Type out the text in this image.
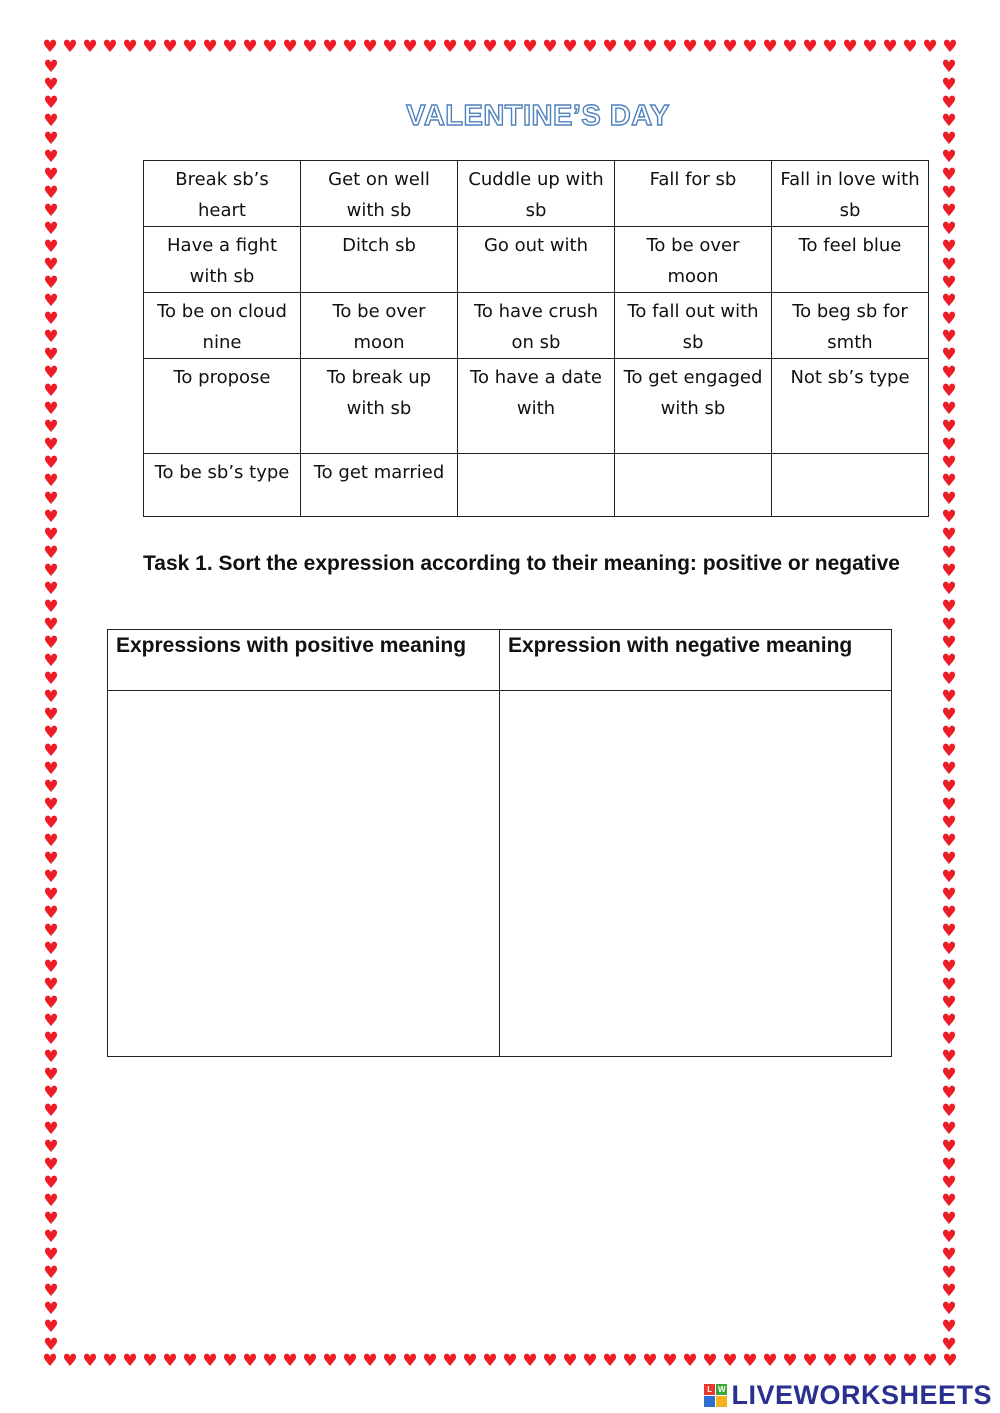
♥ ♥ ♥ ♥ ♥ ♥ ♥ ♥ ♥ ♥ ♥ ♥ ♥ ♥ ♥ ♥ ♥ ♥ ♥ ♥ ♥ ♥ ♥ ♥ ♥ ♥ ♥ ♥ ♥ ♥ ♥ ♥ ♥ ♥ ♥ ♥ ♥ ♥ ♥ ♥ ♥ ♥ ♥ ♥ ♥ ♥
♥ ♥ ♥ ♥ ♥ ♥ ♥ ♥ ♥ ♥ ♥ ♥ ♥ ♥ ♥ ♥ ♥ ♥ ♥ ♥ ♥ ♥ ♥ ♥ ♥ ♥ ♥ ♥ ♥ ♥ ♥ ♥ ♥ ♥ ♥ ♥ ♥ ♥ ♥ ♥ ♥ ♥ ♥ ♥ ♥ ♥
♥♥♥♥♥♥♥♥♥♥♥♥♥♥♥♥♥♥♥♥♥♥♥♥♥♥♥♥♥♥♥♥♥♥♥♥♥♥♥♥♥♥♥♥♥♥♥♥♥♥♥♥♥♥♥♥♥♥♥♥♥♥♥♥♥♥♥♥♥♥♥♥
♥♥♥♥♥♥♥♥♥♥♥♥♥♥♥♥♥♥♥♥♥♥♥♥♥♥♥♥♥♥♥♥♥♥♥♥♥♥♥♥♥♥♥♥♥♥♥♥♥♥♥♥♥♥♥♥♥♥♥♥♥♥♥♥♥♥♥♥♥♥♥♥
VALENTINE’S DAY
Break sb’s heart	Get on well with sb	Cuddle up with sb	Fall for sb	Fall in love with sb
Have a fight with sb	Ditch sb	Go out with	To be over moon	To feel blue
To be on cloud nine	To be over moon	To have crush on sb	To fall out with sb	To beg sb for smth
To propose	To break up with sb	To have a date with	To get engaged with sb	Not sb’s type
To be sb’s type	To get married			
Task 1. Sort the expression according to their meaning: positive or negative
Expressions with positive meaning	Expression with negative meaning

L W LIVEWORKSHEETS
